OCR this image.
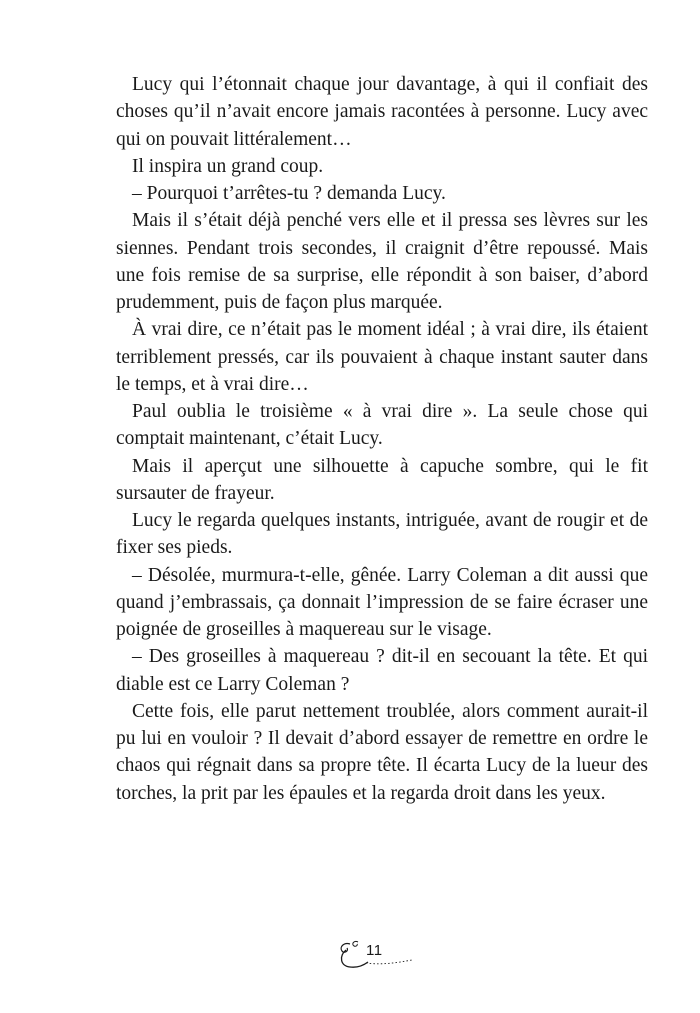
Lucy qui l’étonnait chaque jour davantage, à qui il confiait des choses qu’il n’avait encore jamais racontées à personne. Lucy avec qui on pouvait littéralement…

Il inspira un grand coup.

– Pourquoi t’arrêtes-tu ? demanda Lucy.

Mais il s’était déjà penché vers elle et il pressa ses lèvres sur les siennes. Pendant trois secondes, il craignit d’être repoussé. Mais une fois remise de sa surprise, elle répondit à son baiser, d’abord prudemment, puis de façon plus marquée.

À vrai dire, ce n’était pas le moment idéal ; à vrai dire, ils étaient terriblement pressés, car ils pouvaient à chaque instant sauter dans le temps, et à vrai dire…

Paul oublia le troisième « à vrai dire ». La seule chose qui comptait maintenant, c’était Lucy.

Mais il aperçut une silhouette à capuche sombre, qui le fit sursauter de frayeur.

Lucy le regarda quelques instants, intriguée, avant de rougir et de fixer ses pieds.

– Désolée, murmura-t-elle, gênée. Larry Coleman a dit aussi que quand j’embrassais, ça donnait l’impression de se faire écraser une poignée de groseilles à maquereau sur le visage.

– Des groseilles à maquereau ? dit-il en secouant la tête. Et qui diable est ce Larry Coleman ?

Cette fois, elle parut nettement troublée, alors comment aurait-il pu lui en vouloir ? Il devait d’abord essayer de remettre en ordre le chaos qui régnait dans sa propre tête. Il écarta Lucy de la lueur des torches, la prit par les épaules et la regarda droit dans les yeux.

11
